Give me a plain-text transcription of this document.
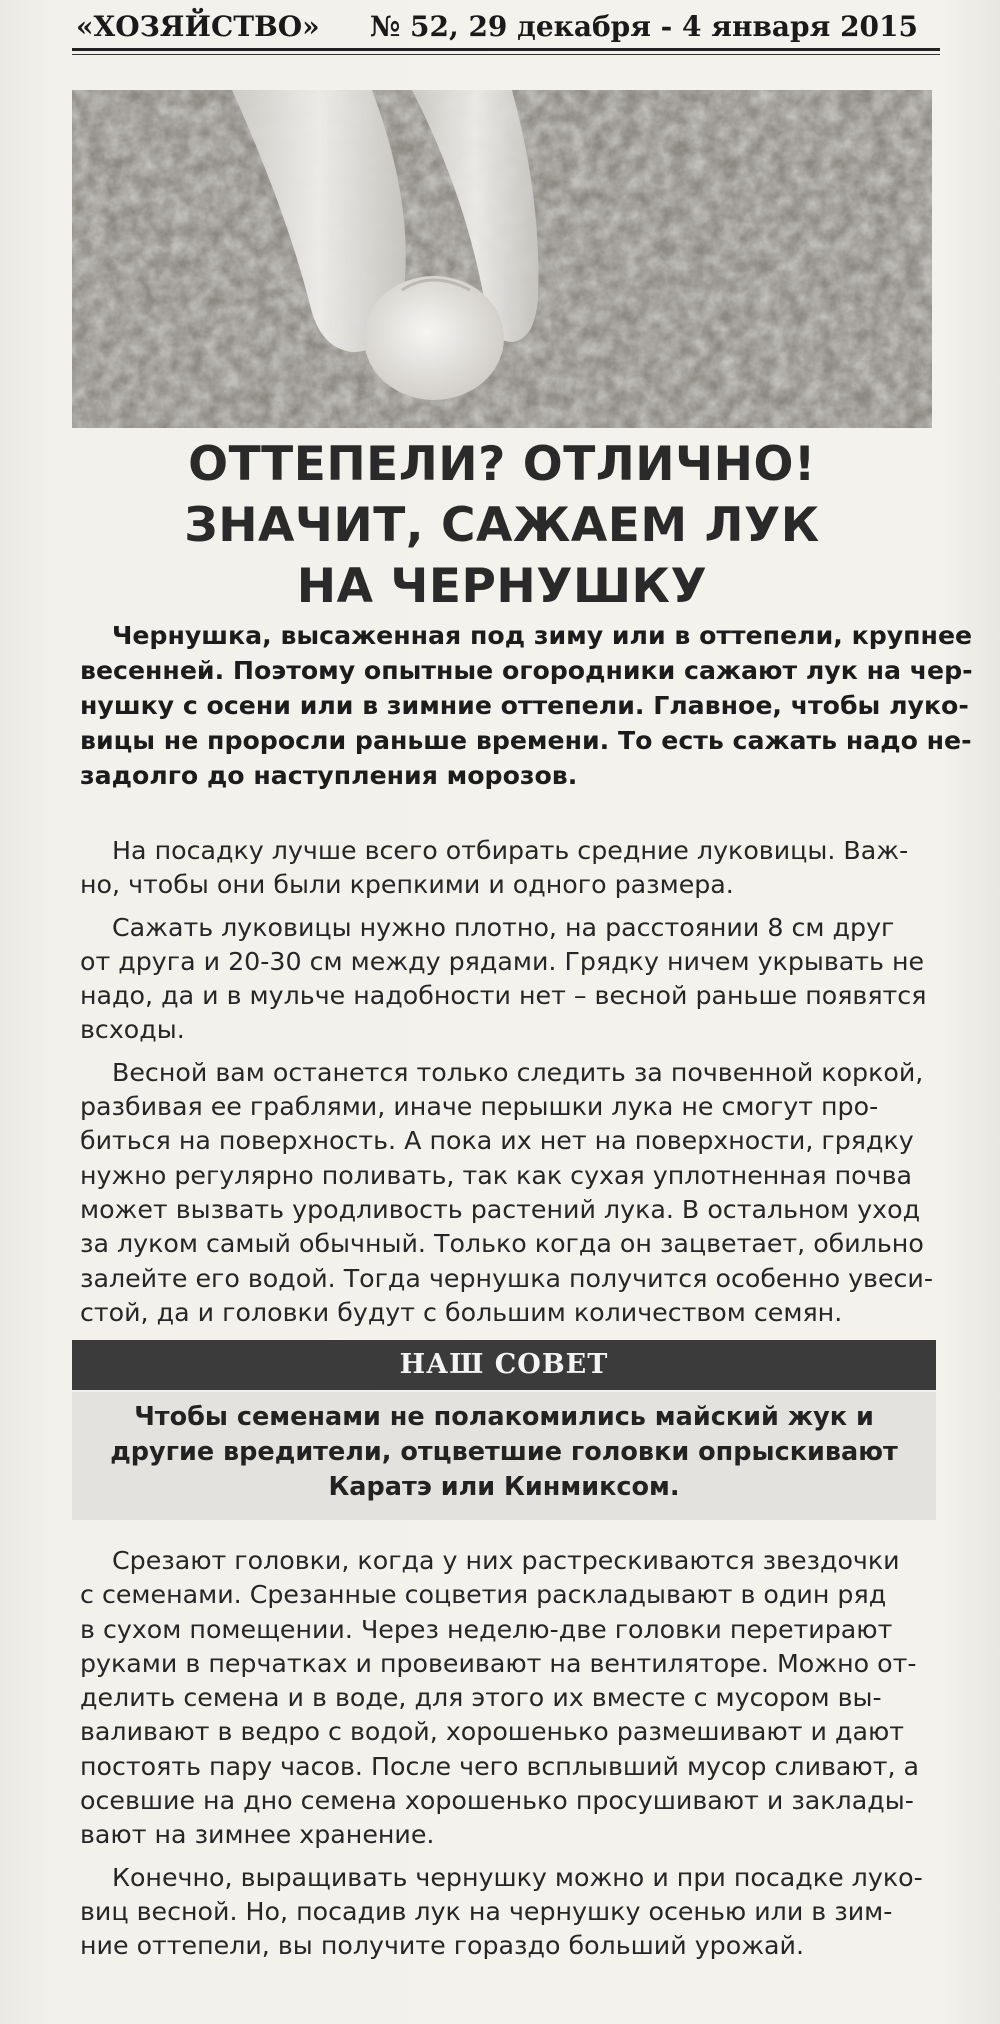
«ХОЗЯЙСТВО» № 52, 29 декабря - 4 января 2015
ОТТЕПЕЛИ? ОТЛИЧНО!
ЗНАЧИТ, САЖАЕМ ЛУК
НА ЧЕРНУШКУ
Чернушка, высаженная под зиму или в оттепели, крупнее
весенней. Поэтому опытные огородники сажают лук на чер-
нушку с осени или в зимние оттепели. Главное, чтобы лукo-
вицы не проросли раньше времени. То есть сажать надо не-
задолго до наступления морозов.
На посадку лучше всего отбирать средние луковицы. Важ-
но, чтобы они были крепкими и одного размера.
Сажать луковицы нужно плотно, на расстоянии 8 см друг
от друга и 20-30 см между рядами. Грядку ничем укрывать не
надо, да и в мульче надобности нет – весной раньше появятся
всходы.
Весной вам останется только следить за почвенной коркой,
разбивая ее граблями, иначе перышки лука не смогут про-
биться на поверхность. А пока их нет на поверхности, грядку
нужно регулярно поливать, так как сухая уплотненная почва
может вызвать уродливость растений лука. В остальном уход
за луком самый обычный. Только когда он зацветает, обильно
залейте его водой. Тогда чернушка получится особенно увеси-
стой, да и головки будут с большим количеством семян.
НАШ СОВЕТ
Чтобы семенами не полакомились майский жук и
другие вредители, отцветшие головки опрыскивают
Каратэ или Кинмиксом.
Срезают головки, когда у них растрескиваются звездочки
с семенами. Срезанные соцветия раскладывают в один ряд
в сухом помещении. Через неделю-две головки перетирают
руками в перчатках и провеивают на вентиляторе. Можно от-
делить семена и в воде, для этого их вместе с мусором вы-
валивают в ведро с водой, хорошенько размешивают и дают
постоять пару часов. После чего всплывший мусор сливают, а
осевшие на дно семена хорошенько просушивают и заклады-
вают на зимнее хранение.
Конечно, выращивать чернушку можно и при посадке луко-
виц весной. Но, посадив лук на чернушку осенью или в зим-
ние оттепели, вы получите гораздо больший урожай.
